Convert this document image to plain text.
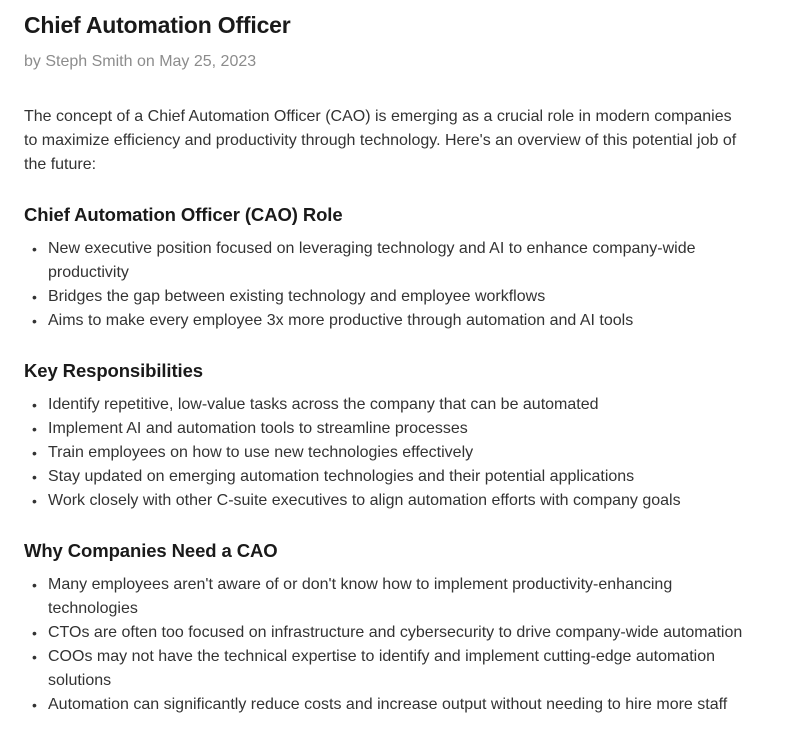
Chief Automation Officer
by Steph Smith on May 25, 2023

The concept of a Chief Automation Officer (CAO) is emerging as a crucial role in modern companies to maximize efficiency and productivity through technology. Here's an overview of this potential job of the future:

Chief Automation Officer (CAO) Role
• New executive position focused on leveraging technology and AI to enhance company-wide productivity
• Bridges the gap between existing technology and employee workflows
• Aims to make every employee 3x more productive through automation and AI tools
Key Responsibilities
• Identify repetitive, low-value tasks across the company that can be automated
• Implement AI and automation tools to streamline processes
• Train employees on how to use new technologies effectively
• Stay updated on emerging automation technologies and their potential applications
• Work closely with other C-suite executives to align automation efforts with company goals
Why Companies Need a CAO
• Many employees aren't aware of or don't know how to implement productivity-enhancing technologies
• CTOs are often too focused on infrastructure and cybersecurity to drive company-wide automation
• COOs may not have the technical expertise to identify and implement cutting-edge automation solutions
• Automation can significantly reduce costs and increase output without needing to hire more staff
